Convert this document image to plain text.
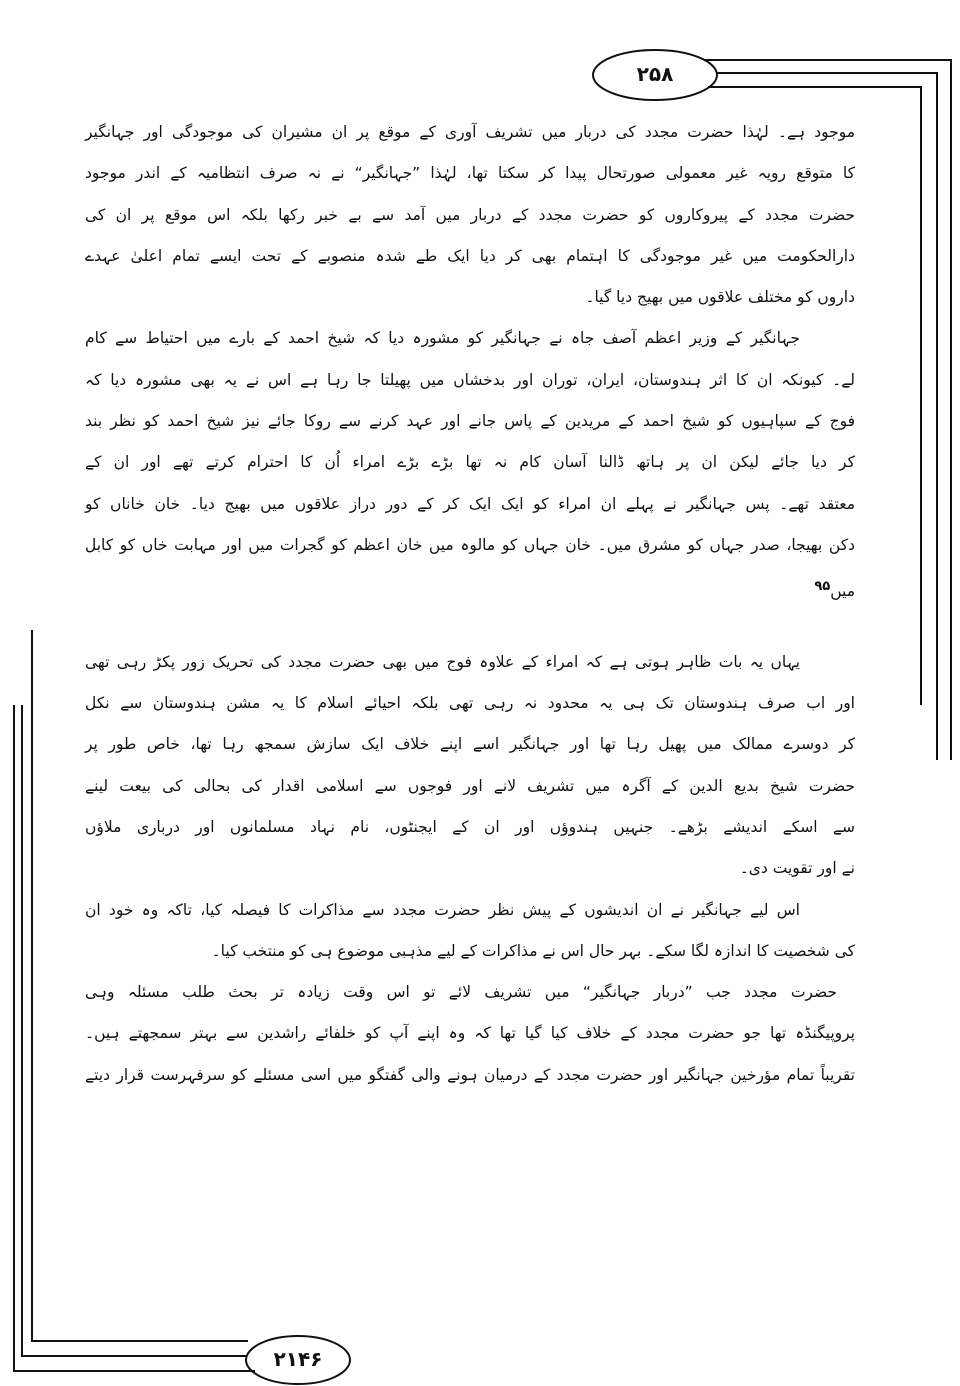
۲۵۸
۲۱۴۶
موجود ہے۔ لہٰذا حضرت مجدد کی دربار میں تشریف آوری کے موقع پر ان مشیران کی موجودگی اور جہانگیر
کا متوقع رویہ غیر معمولی صورتحال پیدا کر سکتا تھا، لہٰذا ”جہانگیر“ نے نہ صرف انتظامیہ کے اندر موجود
حضرت مجدد کے پیروکاروں کو حضرت مجدد کے دربار میں آمد سے بے خبر رکھا بلکہ اس موقع پر ان کی
دارالحکومت میں غیر موجودگی کا اہتمام بھی کر دیا ایک طے شدہ منصوبے کے تحت ایسے تمام اعلیٰ عہدے
داروں کو مختلف علاقوں میں بھیج دیا گیا۔
جہانگیر کے وزیر اعظم آصف جاہ نے جہانگیر کو مشورہ دیا کہ شیخ احمد کے بارے میں احتیاط سے کام
لے۔ کیونکہ ان کا اثر ہندوستان، ایران، توران اور بدخشاں میں پھیلتا جا رہا ہے اس نے یہ بھی مشورہ دیا کہ
فوج کے سپاہیوں کو شیخ احمد کے مریدین کے پاس جانے اور عہد کرنے سے روکا جائے نیز شیخ احمد کو نظر بند
کر دیا جائے لیکن ان پر ہاتھ ڈالنا آسان کام نہ تھا بڑے بڑے امراء اُن کا احترام کرتے تھے اور ان کے
معتقد تھے۔ پس جہانگیر نے پہلے ان امراء کو ایک ایک کر کے دور دراز علاقوں میں بھیج دیا۔ خان خاناں کو
دکن بھیجا، صدر جہاں کو مشرق میں۔ خان جہاں کو مالوہ میں خان اعظم کو گجرات میں اور مہابت خاں کو کابل
میں$^{۹۵}$
یہاں یہ بات ظاہر ہوتی ہے کہ امراء کے علاوہ فوج میں بھی حضرت مجدد کی تحریک زور پکڑ رہی تھی
اور اب صرف ہندوستان تک ہی یہ محدود نہ رہی تھی بلکہ احیائے اسلام کا یہ مشن ہندوستان سے نکل
کر دوسرے ممالک میں پھیل رہا تھا اور جہانگیر اسے اپنے خلاف ایک سازش سمجھ رہا تھا، خاص طور پر
حضرت شیخ بدیع الدین کے آگرہ میں تشریف لانے اور فوجوں سے اسلامی اقدار کی بحالی کی بیعت لینے
سے اسکے اندیشے بڑھے۔ جنہیں ہندوؤں اور ان کے ایجنٹوں، نام نہاد مسلمانوں اور درباری ملاؤں
نے اور تقویت دی۔
اس لیے جہانگیر نے ان اندیشوں کے پیش نظر حضرت مجدد سے مذاکرات کا فیصلہ کیا، تاکہ وہ خود ان
کی شخصیت کا اندازہ لگا سکے۔ بہر حال اس نے مذاکرات کے لیے مذہبی موضوع ہی کو منتخب کیا۔
حضرت مجدد جب ”دربار جہانگیر“ میں تشریف لائے تو اس وقت زیادہ تر بحث طلب مسئلہ وہی
پروپیگنڈہ تھا جو حضرت مجدد کے خلاف کیا گیا تھا کہ وہ اپنے آپ کو خلفائے راشدین سے بہتر سمجھتے ہیں۔
تقریباً تمام مؤرخین جہانگیر اور حضرت مجدد کے درمیان ہونے والی گفتگو میں اسی مسئلے کو سرفہرست قرار دیتے
